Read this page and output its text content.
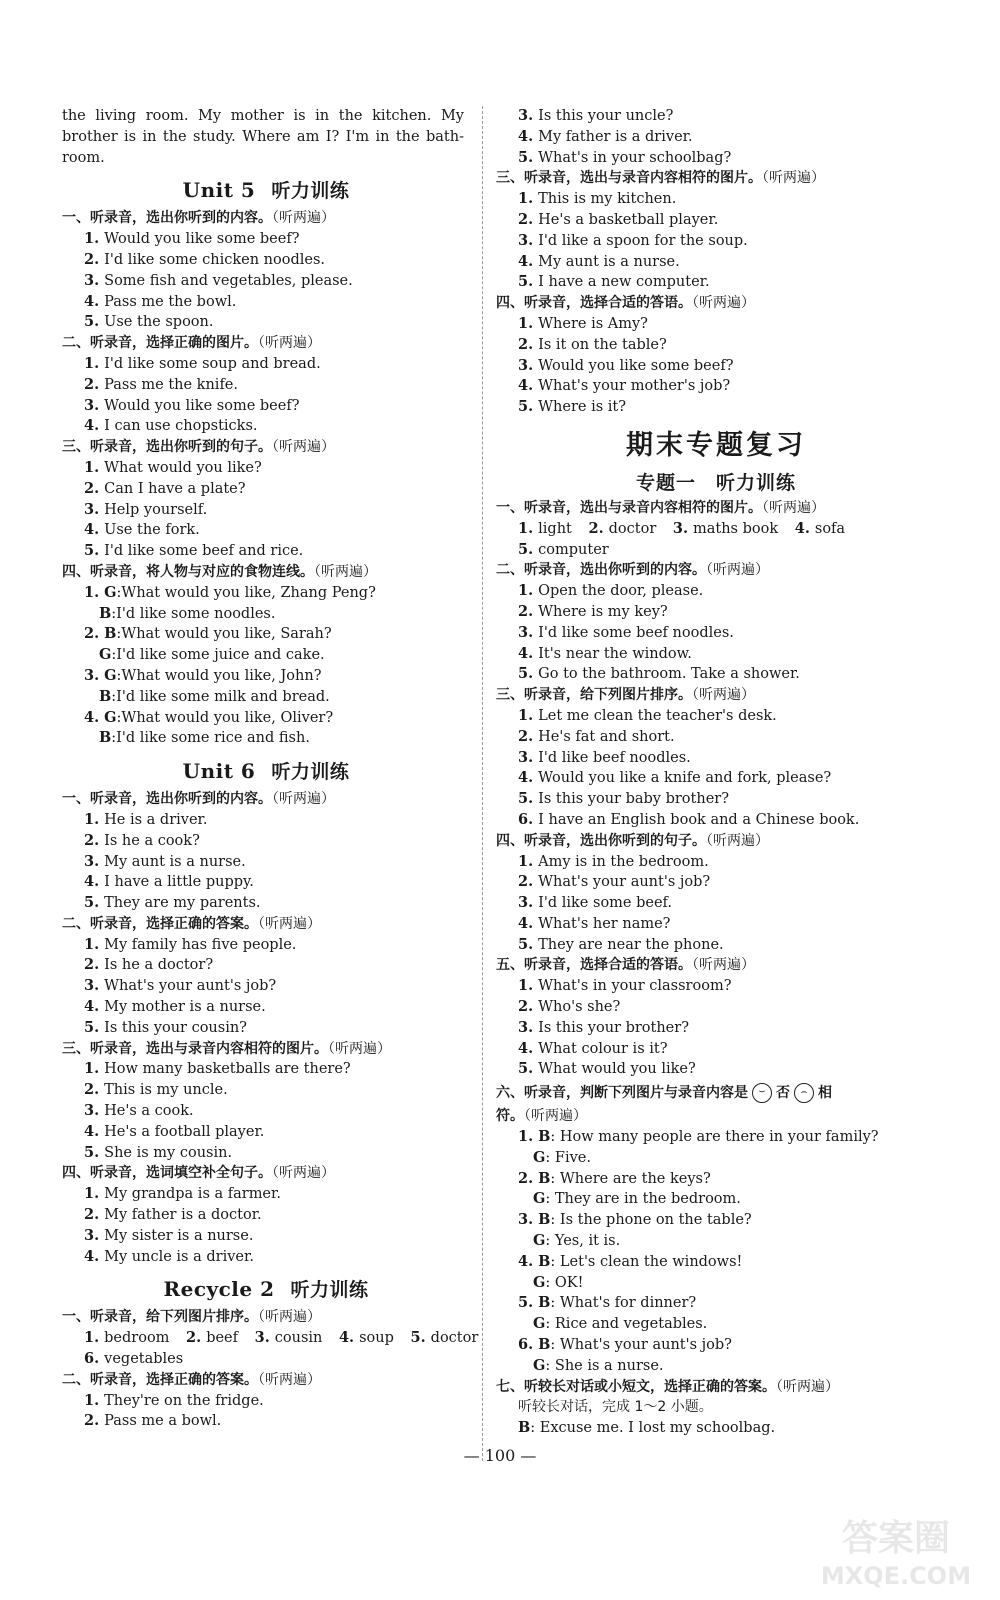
the living room. My mother is in the kitchen. My
brother is in the study. Where am I? I'm in the bath-
room.
Unit 5 听力训练
一、听录音，选出你听到的内容。（听两遍）
1. Would you like some beef?
2. I'd like some chicken noodles.
3. Some fish and vegetables, please.
4. Pass me the bowl.
5. Use the spoon.
二、听录音，选择正确的图片。（听两遍）
1. I'd like some soup and bread.
2. Pass me the knife.
3. Would you like some beef?
4. I can use chopsticks.
三、听录音，选出你听到的句子。（听两遍）
1. What would you like?
2. Can I have a plate?
3. Help yourself.
4. Use the fork.
5. I'd like some beef and rice.
四、听录音，将人物与对应的食物连线。（听两遍）
1. G:What would you like, Zhang Peng?
B:I'd like some noodles.
2. B:What would you like, Sarah?
G:I'd like some juice and cake.
3. G:What would you like, John?
B:I'd like some milk and bread.
4. G:What would you like, Oliver?
B:I'd like some rice and fish.
Unit 6 听力训练
一、听录音，选出你听到的内容。（听两遍）
1. He is a driver.
2. Is he a cook?
3. My aunt is a nurse.
4. I have a little puppy.
5. They are my parents.
二、听录音，选择正确的答案。（听两遍）
1. My family has five people.
2. Is he a doctor?
3. What's your aunt's job?
4. My mother is a nurse.
5. Is this your cousin?
三、听录音，选出与录音内容相符的图片。（听两遍）
1. How many basketballs are there?
2. This is my uncle.
3. He's a cook.
4. He's a football player.
5. She is my cousin.
四、听录音，选词填空补全句子。（听两遍）
1. My grandpa is a farmer.
2. My father is a doctor.
3. My sister is a nurse.
4. My uncle is a driver.
Recycle 2 听力训练
一、听录音，给下列图片排序。（听两遍）
1. bedroom 2. beef 3. cousin 4. soup 5. doctor
6. vegetables
二、听录音，选择正确的答案。（听两遍）
1. They're on the fridge.
2. Pass me a bowl.
3. Is this your uncle?
4. My father is a driver.
5. What's in your schoolbag?
三、听录音，选出与录音内容相符的图片。（听两遍）
1. This is my kitchen.
2. He's a basketball player.
3. I'd like a spoon for the soup.
4. My aunt is a nurse.
5. I have a new computer.
四、听录音，选择合适的答语。（听两遍）
1. Where is Amy?
2. Is it on the table?
3. Would you like some beef?
4. What's your mother's job?
5. Where is it?
期末专题复习
专题一　听力训练
一、听录音，选出与录音内容相符的图片。（听两遍）
1. light 2. doctor 3. maths book 4. sofa
5. computer
二、听录音，选出你听到的内容。（听两遍）
1. Open the door, please.
2. Where is my key?
3. I'd like some beef noodles.
4. It's near the window.
5. Go to the bathroom. Take a shower.
三、听录音，给下列图片排序。（听两遍）
1. Let me clean the teacher's desk.
2. He's fat and short.
3. I'd like beef noodles.
4. Would you like a knife and fork, please?
5. Is this your baby brother?
6. I have an English book and a Chinese book.
四、听录音，选出你听到的句子。（听两遍）
1. Amy is in the bedroom.
2. What's your aunt's job?
3. I'd like some beef.
4. What's her name?
5. They are near the phone.
五、听录音，选择合适的答语。（听两遍）
1. What's in your classroom?
2. Who's she?
3. Is this your brother?
4. What colour is it?
5. What would you like?
六、听录音，判断下列图片与录音内容是 ⌣ 否 ⌢ 相
符。（听两遍）
1. B: How many people are there in your family?
G: Five.
2. B: Where are the keys?
G: They are in the bedroom.
3. B: Is the phone on the table?
G: Yes, it is.
4. B: Let's clean the windows!
G: OK!
5. B: What's for dinner?
G: Rice and vegetables.
6. B: What's your aunt's job?
G: She is a nurse.
七、听较长对话或小短文，选择正确的答案。（听两遍）
听较长对话，完成 1～2 小题。
B: Excuse me. I lost my schoolbag.
— 100 —
答案圈
MXQE.COM
